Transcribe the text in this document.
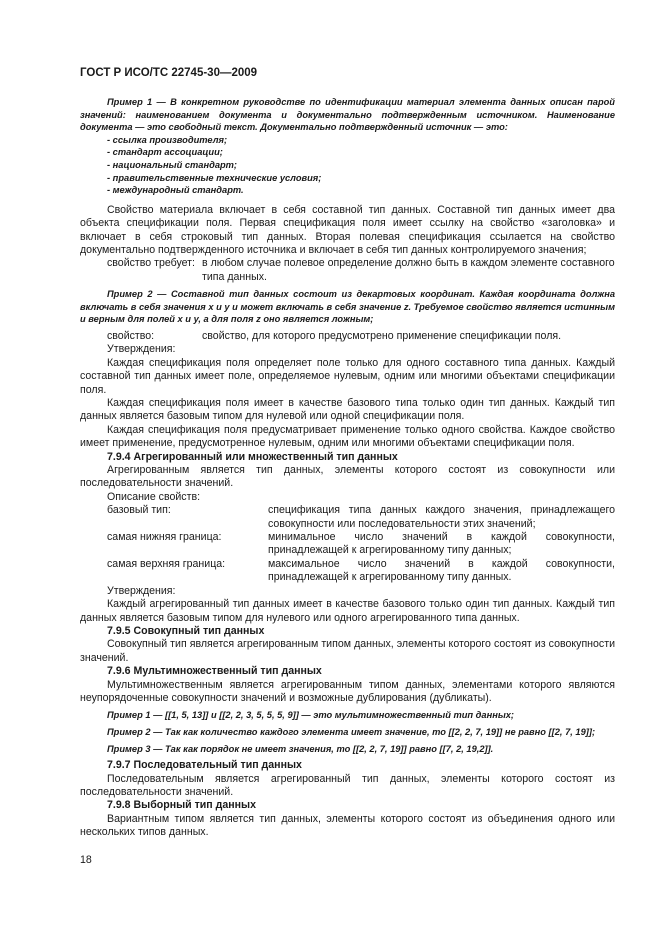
ГОСТ Р ИСО/ТС 22745-30—2009

Пример 1 — В конкретном руководстве по идентификации материал элемента данных описан парой значений: наименованием документа и документально подтвержденным источником. Наименование документа — это свободный текст. Документально подтвержденный источник — это:

- ссылка производителя;

- стандарт ассоциации;

- национальный стандарт;

- правительственные технические условия;

- международный стандарт.

Свойство материала включает в себя составной тип данных. Составной тип данных имеет два объекта спецификации поля. Первая спецификация поля имеет ссылку на свойство «заголовка» и включает в себя строковый тип данных. Вторая полевая спецификация ссылается на свойство документально подтвержденного источника и включает в себя тип данных контролируемого значения;

свойство требует: в любом случае полевое определение должно быть в каждом элементе составного типа данных.

Пример 2 — Составной тип данных состоит из декартовых координат. Каждая координата должна включать в себя значения x и y и может включать в себя значение z. Требуемое свойство является истинным и верным для полей x и y, а для поля z оно является ложным;

свойство:	свойство, для которого предусмотрено применение спецификации поля.

Утверждения:

Каждая спецификация поля определяет поле только для одного составного типа данных. Каждый составной тип данных имеет поле, определяемое нулевым, одним или многими объектами спецификации поля.

Каждая спецификация поля имеет в качестве базового типа только один тип данных. Каждый тип данных является базовым типом для нулевой или одной спецификации поля.

Каждая спецификация поля предусматривает применение только одного свойства. Каждое свойство имеет применение, предусмотренное нулевым, одним или многими объектами спецификации поля.

7.9.4 Агрегированный или множественный тип данных

Агрегированным является тип данных, элементы которого состоят из совокупности или последовательности значений.

Описание свойств:

базовый тип:	спецификация типа данных каждого значения, принадлежащего совокупности или последовательности этих значений;
самая нижняя граница:	минимальное число значений в каждой совокупности, принадлежащей к агрегированному типу данных;
самая верхняя граница:	максимальное число значений в каждой совокупности, принадлежащей к агрегированному типу данных.

Утверждения:

Каждый агрегированный тип данных имеет в качестве базового только один тип данных. Каждый тип данных является базовым типом для нулевого или одного агрегированного типа данных.

7.9.5 Совокупный тип данных

Совокупный тип является агрегированным типом данных, элементы которого состоят из совокупности значений.

7.9.6 Мультимножественный тип данных

Мультимножественным является агрегированным типом данных, элементами которого являются неупорядоченные совокупности значений и возможные дублирования (дубликаты).

Пример 1 — [[1, 5, 13]] и [[2, 2, 3, 5, 5, 5, 9]] — это мультимножественный тип данных;

Пример 2 — Так как количество каждого элемента имеет значение, то [[2, 2, 7, 19]] не равно [[2, 7, 19]];

Пример 3 — Так как порядок не имеет значения, то [[2, 2, 7, 19]] равно [[7, 2, 19,2]].

7.9.7 Последовательный тип данных

Последовательным является агрегированный тип данных, элементы которого состоят из последовательности значений.

7.9.8 Выборный тип данных

Вариантным типом является тип данных, элементы которого состоят из объединения одного или нескольких типов данных.

18
